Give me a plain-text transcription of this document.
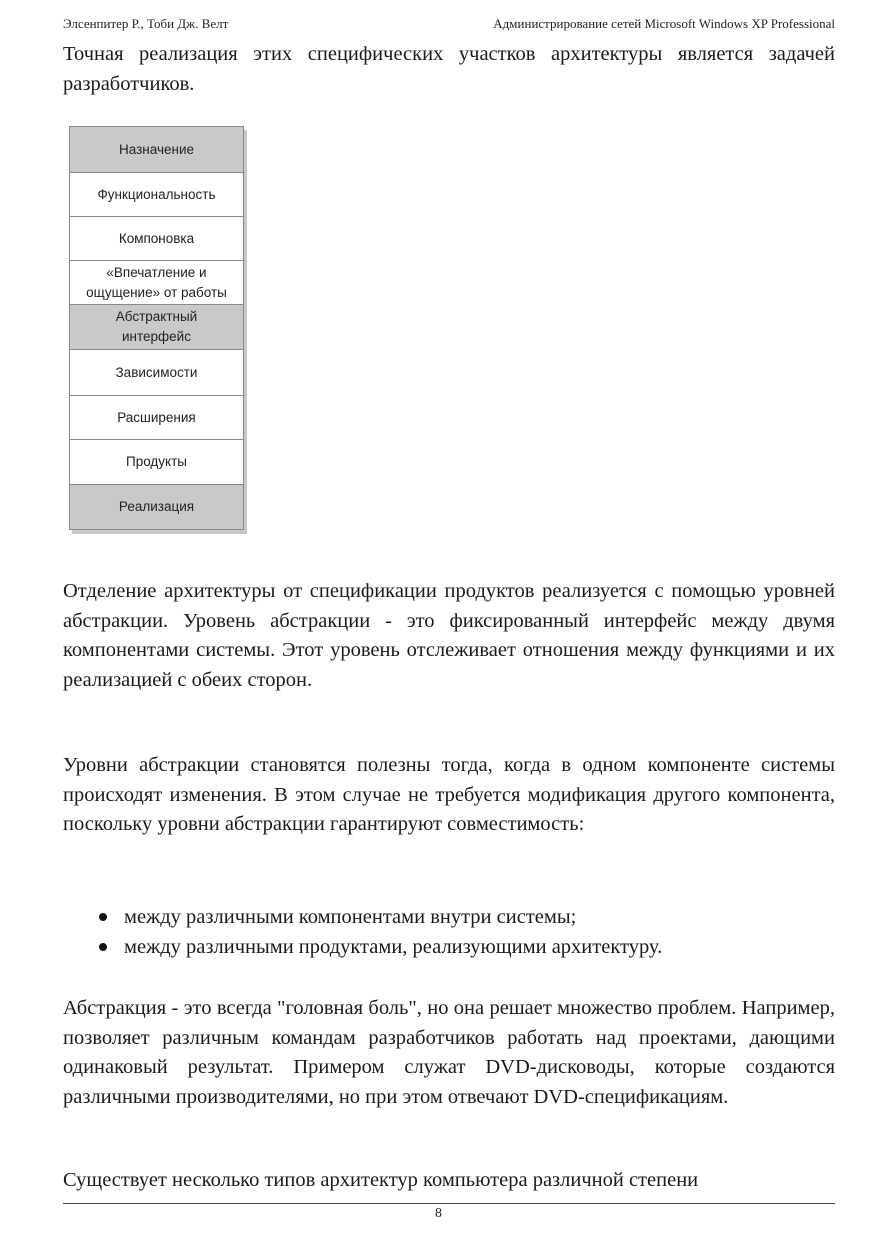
Элсенпитер Р., Тоби Дж. Велт	Администрирование сетей Microsoft Windows XP Professional

Точная реализация этих специфических участков архитектуры является задачей разработчиков.

Назначение
Функциональность
Компоновка
«Впечатление и ощущение» от работы
Абстрактный интерфейс
Зависимости
Расширения
Продукты
Реализация

Отделение архитектуры от спецификации продуктов реализуется с помощью уровней абстракции. Уровень абстракции - это фиксированный интерфейс между двумя компонентами системы. Этот уровень отслеживает отношения между функциями и их реализацией с обеих сторон.

Уровни абстракции становятся полезны тогда, когда в одном компоненте системы происходят изменения. В этом случае не требуется модификация другого компонента, поскольку уровни абстракции гарантируют совместимость:

между различными компонентами внутри системы;
между различными продуктами, реализующими архитектуру.

Абстракция - это всегда "головная боль", но она решает множество проблем. Например, позволяет различным командам разработчиков работать над проектами, дающими одинаковый результат. Примером служат DVD-дисководы, которые создаются различными производителями, но при этом отвечают DVD-спецификациям.

Существует несколько типов архитектур компьютера различной степени

8
